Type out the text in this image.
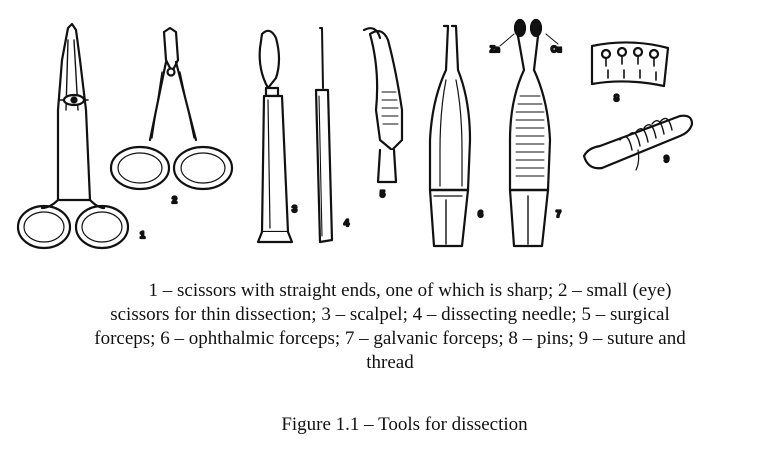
1
2
3
4
5
6
Zn	Cu
7
8
9
1 – scissors with straight ends, one of which is sharp; 2 – small (eye)
scissors for thin dissection; 3 – scalpel; 4 – dissecting needle; 5 – surgical
forceps; 6 – ophthalmic forceps; 7 – galvanic forceps; 8 – pins; 9 – suture and
thread
Figure 1.1 – Tools for dissection
